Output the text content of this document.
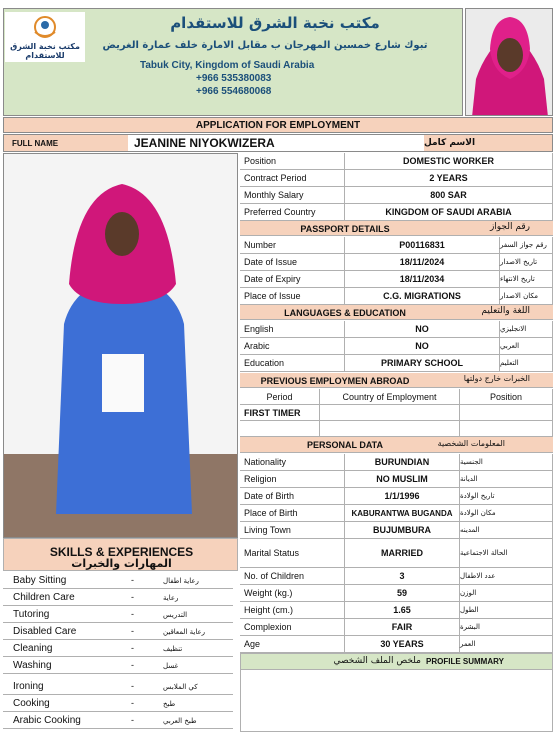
مكتب نخبة الشرق للاستقدام
مكتب نخبة الشرق للاستقدام
تبوك شارع خمسين المهرجان ب مقابل الامارة خلف عمارة الغريض
Tabuk City, Kingdom of Saudi Arabia
+966 535380083
+966 554680068
APPLICATION FOR EMPLOYMENT
FULL NAME	JEANINE NIYOKWIZERA	الاسم كامل
Position	DOMESTIC WORKER
Contract Period	2 YEARS
Monthly Salary	800 SAR
Preferred Country	KINGDOM OF SAUDI ARABIA
PASSPORT DETAILS	رقم الجواز
Number	P00116831	رقم جواز السفر
Date of Issue	18/11/2024	تاريخ الاصدار
Date of Expiry	18/11/2034	تاريخ الانتهاء
Place of Issue	C.G. MIGRATIONS	مكان الاصدار
LANGUAGES & EDUCATION	اللغة والتعليم
English	NO	الانجليزي
Arabic	NO	العربي
Education	PRIMARY SCHOOL	التعليم
PREVIOUS EMPLOYMEN ABROAD	الخبرات خارج دولتها
Period	Country of Employment	Position
FIRST TIMER
PERSONAL DATA	المعلومات الشخصية
Nationality	BURUNDIAN	الجنسية
Religion	NO MUSLIM	الديانة
Date of Birth	1/1/1996	تاريخ الولادة
Place of Birth	KABURANTWA BUGANDA	مكان الولادة
Living Town	BUJUMBURA	المدينه
Marital Status	MARRIED	الحالة الاجتماعية
No. of Children	3	عدد الاطفال
Weight (kg.)	59	الوزن
Height (cm.)	1.65	الطول
Complexion	FAIR	البشرة
Age	30 YEARS	العمر
ملخص الملف الشخصي PROFILE SUMMARY
SKILLS & EXPERIENCES
المهارات والخبرات
Baby Sitting	-	رعاية اطفال
Children Care	-	رعاية
Tutoring	-	التدريس
Disabled Care	-	رعاية المعاقين
Cleaning	-	تنظيف
Washing	-	غسل
Ironing	-	كي الملابس
Cooking	-	طبخ
Arabic Cooking	-	طبخ العربي
